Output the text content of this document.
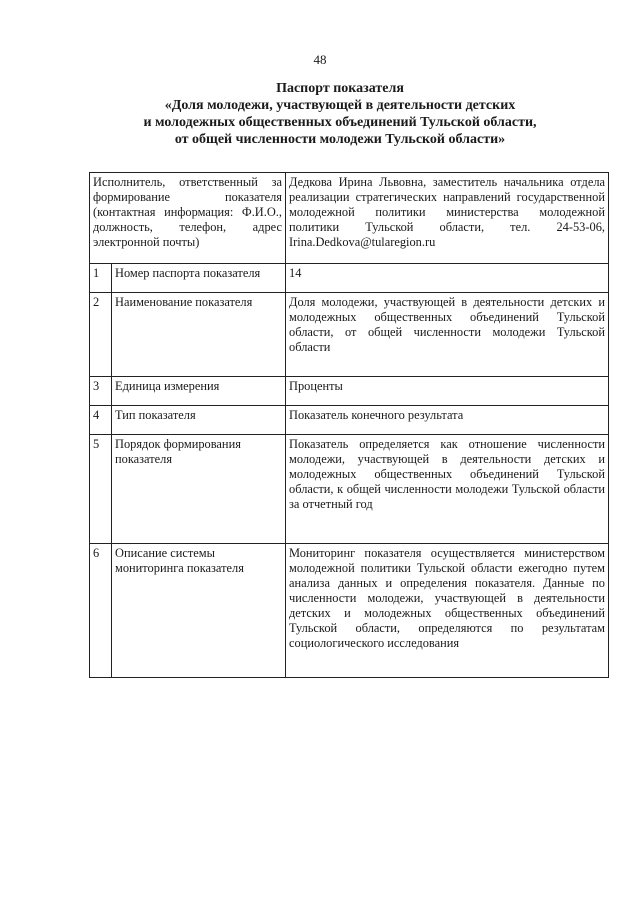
48
Паспорт показателя
«Доля молодежи, участвующей в деятельности детских
и молодежных общественных объединений Тульской области,
от общей численности молодежи Тульской области»
Исполнитель, ответственный за формирование показателя (контактная информация: Ф.И.О., должность, телефон, адрес электронной почты)		Дедкова Ирина Львовна, заместитель начальника отдела реализации стратегических направлений государственной молодежной политики министерства молодежной политики Тульской области, тел. 24-53-06, Irina.Dedkova@tularegion.ru
1	Номер паспорта показателя	14
2	Наименование показателя	Доля молодежи, участвующей в деятельности детских и молодежных общественных объединений Тульской области, от общей численности молодежи Тульской области
3	Единица измерения	Проценты
4	Тип показателя	Показатель конечного результата
5	Порядок формирования показателя	Показатель определяется как отношение численности молодежи, участвующей в деятельности детских и молодежных общественных объединений Тульской области, к общей численности молодежи Тульской области за отчетный год
6	Описание системы мониторинга показателя	Мониторинг показателя осуществляется министерством молодежной политики Тульской области ежегодно путем анализа данных и определения показателя. Данные по численности молодежи, участвующей в деятельности детских и молодежных общественных объединений Тульской области, определяются по результатам социологического исследования
